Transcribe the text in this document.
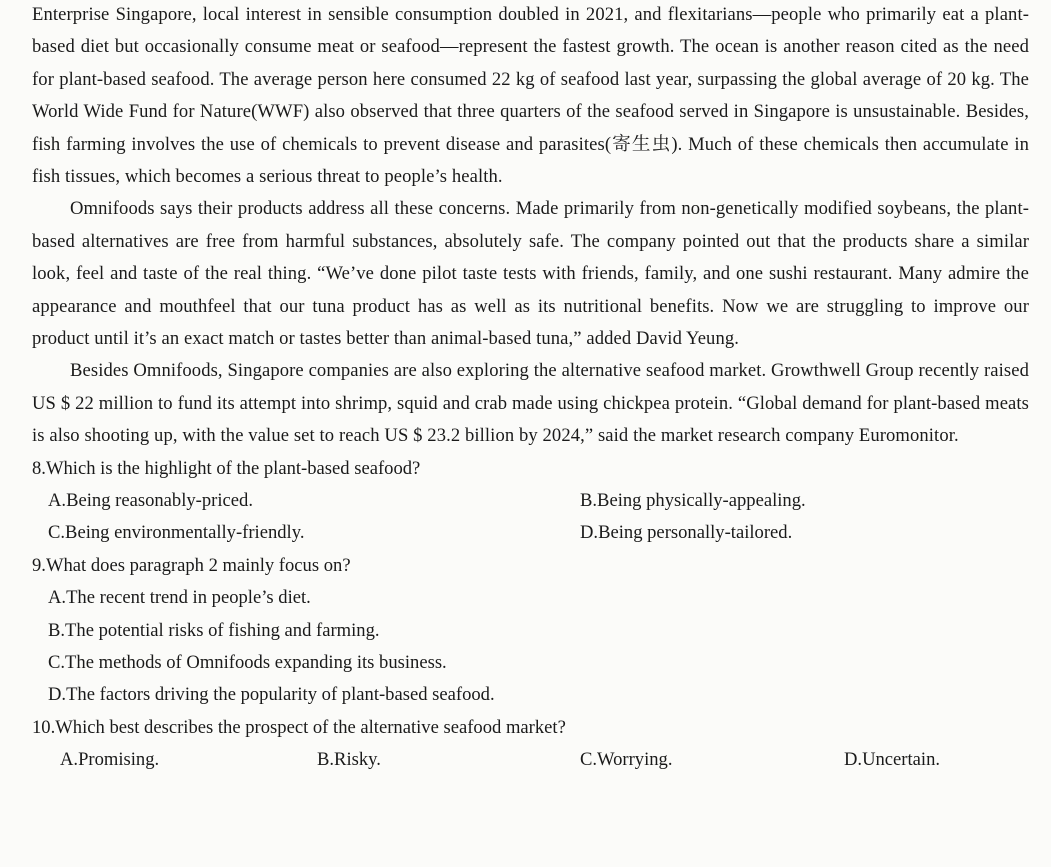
Enterprise Singapore, local interest in sensible consumption doubled in 2021, and flexitarians—people who primarily eat a plant-based diet but occasionally consume meat or seafood—represent the fastest growth. The ocean is another reason cited as the need for plant-based seafood. The average person here consumed 22 kg of seafood last year, surpassing the global average of 20 kg. The World Wide Fund for Nature(WWF) also observed that three quarters of the seafood served in Singapore is unsustainable. Besides, fish farming involves the use of chemicals to prevent disease and parasites(寄生虫). Much of these chemicals then accumulate in fish tissues, which becomes a serious threat to people’s health.

Omnifoods says their products address all these concerns. Made primarily from non-genetically modified soybeans, the plant-based alternatives are free from harmful substances, absolutely safe. The company pointed out that the products share a similar look, feel and taste of the real thing. “We’ve done pilot taste tests with friends, family, and one sushi restaurant. Many admire the appearance and mouthfeel that our tuna product has as well as its nutritional benefits. Now we are struggling to improve our product until it’s an exact match or tastes better than animal-based tuna,” added David Yeung.

Besides Omnifoods, Singapore companies are also exploring the alternative seafood market. Growthwell Group recently raised US $ 22 million to fund its attempt into shrimp, squid and crab made using chickpea protein. “Global demand for plant-based meats is also shooting up, with the value set to reach US $ 23.2 billion by 2024,” said the market research company Euromonitor.

8.Which is the highlight of the plant-based seafood?

A.Being reasonably-priced.	B.Being physically-appealing.
C.Being environmentally-friendly.	D.Being personally-tailored.

9.What does paragraph 2 mainly focus on?

A.The recent trend in people’s diet.
B.The potential risks of fishing and farming.
C.The methods of Omnifoods expanding its business.
D.The factors driving the popularity of plant-based seafood.

10.Which best describes the prospect of the alternative seafood market?

A.Promising.	B.Risky.	C.Worrying.	D.Uncertain.
